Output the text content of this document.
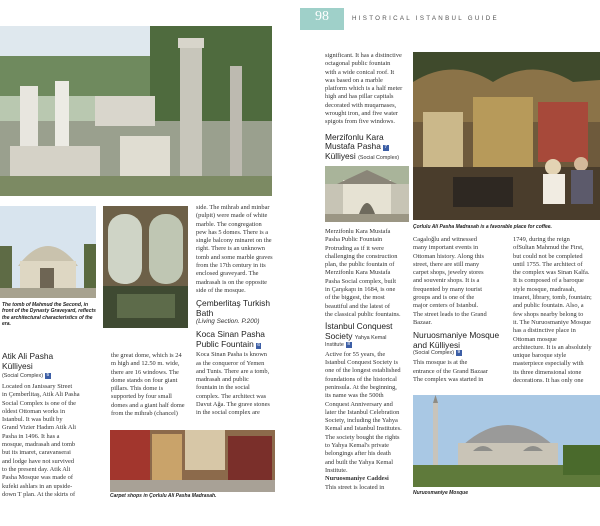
98	HISTORICAL ISTANBUL GUIDE
The tomb of Mahmud the Second, in front of the Dynasty Graveyard, reflects the architectural characteristics of the era.
Carpet shops in Çorlulu Ali Pasha Madrasah.
Çorlulu Ali Pasha Madrasah is a favorable place for coffee.
Nuruosmaniye Mosque
Atik Ali Pasha
Külliyesi
(Social Complex) 5

Located on Janissary Street

in Çemberlitaş, Atik Ali Pasha

Social Complex is one of the

oldest Ottoman works in

Istanbul. It was built by

Grand Vizier Hadım Atik Ali

Pasha in 1496. It has a

mosque, madrasah and tomb

but its imaret, caravanserai

and lodge have not survived

to the present day. Atik Ali

Pasha Mosque was made of

kufeki ashlars in an upside-

down T plan. At the skirts of

the great dome, which is 24

m high and 12.50 m. wide,

there are 16 windows. The

dome stands on four giant

pillars. This dome is

supported by four small

domes and a giant half dome

from the mihrab (chancel)

side. The mihrab and minbar

(pulpit) were made of white

marble. The congregation

pew has 5 domes. There is a

single balcony minaret on the

right. There is an unknown

tomb and some marble graves

from the 17th century in its

enclosed graveyard. The

madrasah is on the opposite

side of the mosque.

Çemberlitaş Turkish
Bath
(Living Section. P.200)
Koca Sinan Pasha
Public Fountain 6

Koca Sinan Pasha is known

as the conqueror of Yemen

and Tunis. There are a tomb,

madrasah and public

fountain in the social

complex. The architect was

Davut Ağa. The grave stones

in the social complex are

significant. It has a distinctive

octagonal public fountain

with a wide conical roof. It

was based on a marble

platform which is a half meter

high and has pillar capitals

decorated with muqarnases,

wrought iron, and five water

spigots from five windows.

Merzifonlu Kara
Mustafa Pasha 7
Külliyesi (Social Complex)

Merzifonlu Kara Mustafa

Pasha Public Fountain

Protruding as if it were

challenging the construction

plan, the public fountain of

Merzifonlu Kara Mustafa

Pasha Social complex, built

in Çarşıkapı in 1684, is one

of the biggest, the most

beautiful and the latest of

the classical public fountains.

İstanbul Conquest
Society Yahya Kemal
Institute 8

Active for 55 years, the

Istanbul Conquest Society is

one of the longest established

foundations of the historical

peninsula. At the beginning,

its name was the 500th

Conquest Anniversary and

later the Istanbul Celebration

Society, including the Yahya

Kemal and Istanbul Institutes.

The society bought the rights

to Yahya Kemal's private

belongings after his death

and built the Yahya Kemal

Institute.

Nuruosmaniye Caddesi

This street is located in

Cagaloğlu and witnessed

many important events in

Ottoman history. Along this

street, there are still many

carpet shops, jewelry stores

and souvenir shops. It is a

frequented by many tourist

groups and is one of the

major centers of Istanbul.

The street leads to the Grand

Bazaar.

Nuruosmaniye Mosque
and Külliyesi
(Social Complex) 9

This mosque is at the

entrance of the Grand Bazaar

The complex was started in

1749, during the reign

ofSultan Mahmud the First,

but could not be completed

until 1755. The architect of

the complex was Sinan Kalfa.

It is composed of a baroque

style mosque, madrasah,

imaret, library, tomb, fountain;

and public fountain. Also, a

few shops nearby belong to

it. The Nuruosmaniye Mosque

has a distinctive place in

Ottoman mosque

architecture. It is an absolutely

unique baroque style

masterpiece especially with

its three dimensional stone

decorations. It has only one
